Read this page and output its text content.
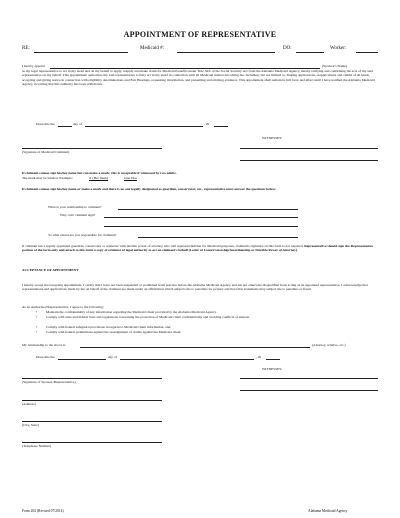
APPOINTMENT OF REPRESENTATIVE
RE:	Medicaid #:	DO:	Worker:
I hereby appoint	(Sponsor's Name)
as my legal representative to act in my stead and on my behalf to apply, reapply and make claim for Medicaid benefits under Title XIX of the Social Security Act from the Alabama Medicaid Agency, hereby ratifying and confirming the acts of my said representative on my behalf. This appointment authorizes my said representative to fully act in my stead in connection with all Medicaid matters involving me, including, but not limited to, making applications, reapplications and claims of all kinds, accepting and giving notice in connection with eligibility determinations and Fair Hearings, requesting information, and presenting and eliciting evidence. This appointment shall remain in full force and effect until I have notified the Alabama Medicaid Agency in writing that this authority has been withdrawn.
Done this the	day of	, 20
WITNESSES:
(Signature of Medicaid Claimant)
If claimant cannot sign his/her name but can make a mark; this is acceptable if witnessed by two adults.
The mark may be labeled. Example:	X (Her mark)	Jane Doe
If claimant cannot sign his/her name or make a mark and there is no one legally designated as guardian, conservator, etc., representative must answer the questions below:
What is your relationship to claimant?
Why can't claimant sign?
To what extent are you responsible for claimant?
If claimant has a legally appointed guardian, conservator or someone with durable power of attorney who will represent him/her for Medicaid purposes, claimant's signature on this form is not required. Representative should sign the Representative portion of the form only and attach to this form a copy of evidence of legal authority to act on claimant's behalf (Letter of Conservatorship/Guardianship or Durable Power of Attorney).
ACCEPTANCE OF APPOINTMENT
I hereby accept the foregoing appointment. I certify that I have not been suspended or prohibited from practice before the Alabama Medicaid Agency and am not otherwise disqualified from acting as an appointed representative. I acknowledge that representations and applications made by me on behalf of the claimant are made under an affirmation which subjects me to penalties for perjury and that false statements may subject me to penalties or fraud.
As an Authorized Representative, I agree to the following:
•	Maintain the confidentiality of any information regarding the Medicaid client provided by the Alabama Medicaid Agency.
•	Comply with state and federal laws and regulations concerning the protection of Medicaid client confidentiality and avoiding conflicts of interest.
•	Comply with federal safeguard provisions in regards to Medicaid client information, and,
•	Comply with federal prohibitions against the reassignment of claims against the Medicaid client.
My relationship to the above is	(Attorney, relative, etc.)
Done this the	day of	, 20
WITNESSES:
(Signature of Sponsor/Representative)
(Address)
(City, State)
(Telephone Number)
Form 202 (Revised 07/2014)	Alabama Medicaid Agency
